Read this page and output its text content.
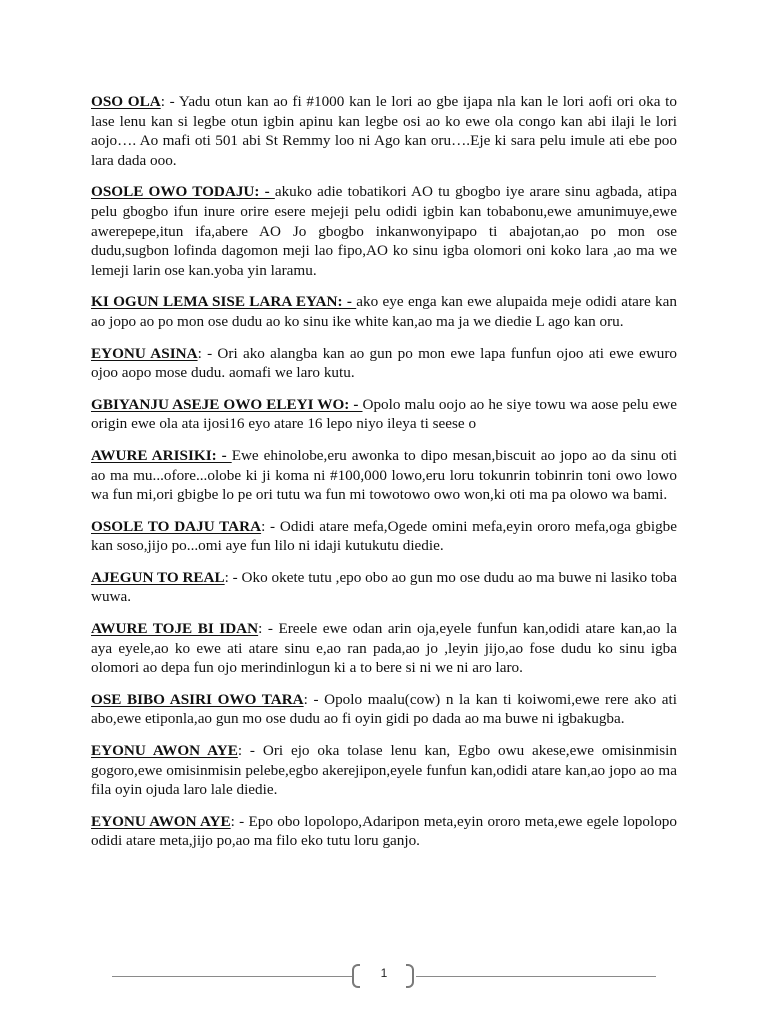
OSO OLA: - Yadu otun kan ao fi #1000 kan le lori ao gbe ijapa nla kan le lori aofi ori oka to lase lenu kan si legbe otun igbin apinu kan legbe osi ao ko ewe ola congo kan abi ilaji le lori aojo…. Ao mafi oti 501 abi St Remmy loo ni Ago kan oru….Eje ki sara pelu imule ati ebe poo lara dada ooo.

OSOLE OWO TODAJU: - akuko adie tobatikori AO tu gbogbo iye arare sinu agbada, atipa pelu gbogbo ifun inure orire esere mejeji pelu odidi igbin kan tobabonu,ewe amunimuye,ewe awerepepe,itun ifa,abere AO Jo gbogbo inkanwonyipapo ti abajotan,ao po mon ose dudu,sugbon lofinda dagomon meji lao fipo,AO ko sinu igba olomori oni koko lara ,ao ma we lemeji larin ose kan.yoba yin laramu.

KI OGUN LEMA SISE LARA EYAN: - ako eye enga kan ewe alupaida meje odidi atare kan ao jopo ao po mon ose dudu ao ko sinu ike white kan,ao ma ja we diedie L ago kan oru.

EYONU ASINA: - Ori ako alangba kan ao gun po mon ewe lapa funfun ojoo ati ewe ewuro ojoo aopo mose dudu. aomafi we laro kutu.

GBIYANJU ASEJE OWO ELEYI WO: - Opolo malu oojo ao he siye towu wa aose pelu ewe origin ewe ola ata ijosi16 eyo atare 16 lepo niyo ileya ti seese o

AWURE ARISIKI: - Ewe ehinolobe,eru awonka to dipo mesan,biscuit ao jopo ao da sinu oti ao ma mu...ofore...olobe ki ji koma ni #100,000 lowo,eru loru tokunrin tobinrin toni owo lowo wa fun mi,ori gbigbe lo pe ori tutu wa fun mi towotowo owo won,ki oti ma pa olowo wa bami.

OSOLE TO DAJU TARA: - Odidi atare mefa,Ogede omini mefa,eyin ororo mefa,oga gbigbe kan soso,jijo po...omi aye fun lilo ni idaji kutukutu diedie.

AJEGUN TO REAL: - Oko okete tutu ,epo obo ao gun mo ose dudu ao ma buwe ni lasiko toba wuwa.

AWURE TOJE BI IDAN: - Ereele ewe odan arin oja,eyele funfun kan,odidi atare kan,ao la aya eyele,ao ko ewe ati atare sinu e,ao ran pada,ao jo ,leyin jijo,ao fose dudu ko sinu igba olomori ao depa fun ojo merindinlogun ki a to bere si ni we ni aro laro.

OSE BIBO ASIRI OWO TARA: - Opolo maalu(cow) n la kan ti koiwomi,ewe rere ako ati abo,ewe etiponla,ao gun mo ose dudu ao fi oyin gidi po dada ao ma buwe ni igbakugba.

EYONU AWON AYE: - Ori ejo oka tolase lenu kan, Egbo owu akese,ewe omisinmisin gogoro,ewe omisinmisin pelebe,egbo akerejipon,eyele funfun kan,odidi atare kan,ao jopo ao ma fila oyin ojuda laro lale diedie.

EYONU AWON AYE: - Epo obo lopolopo,Adaripon meta,eyin ororo meta,ewe egele lopolopo odidi atare meta,jijo po,ao ma filo eko tutu loru ganjo.

1
